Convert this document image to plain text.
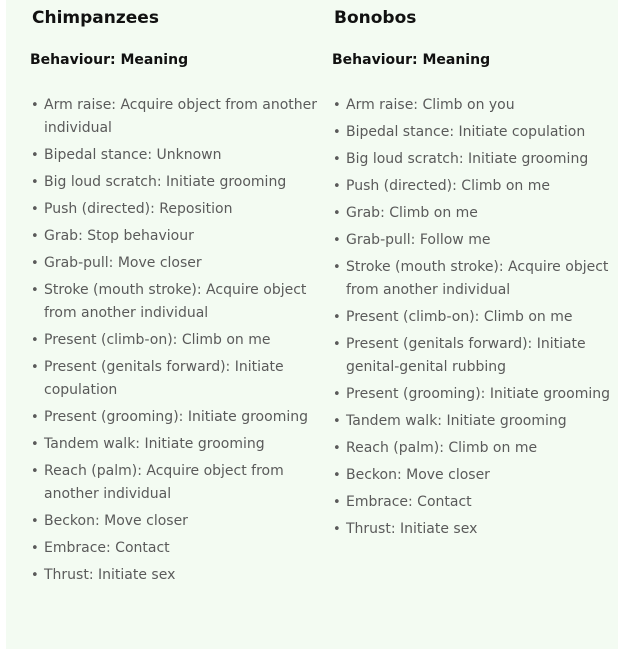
Chimpanzees
Behaviour: Meaning
• Arm raise: Acquire object from another individual
• Bipedal stance: Unknown
• Big loud scratch: Initiate grooming
• Push (directed): Reposition
• Grab: Stop behaviour
• Grab-pull: Move closer
• Stroke (mouth stroke): Acquire object from another individual
• Present (climb-on): Climb on me
• Present (genitals forward): Initiate copulation
• Present (grooming): Initiate grooming
• Tandem walk: Initiate grooming
• Reach (palm): Acquire object from another individual
• Beckon: Move closer
• Embrace: Contact
• Thrust: Initiate sex
Bonobos
Behaviour: Meaning
• Arm raise: Climb on you
• Bipedal stance: Initiate copulation
• Big loud scratch: Initiate grooming
• Push (directed): Climb on me
• Grab: Climb on me
• Grab-pull: Follow me
• Stroke (mouth stroke): Acquire object from another individual
• Present (climb-on): Climb on me
• Present (genitals forward): Initiate genital-genital rubbing
• Present (grooming): Initiate grooming
• Tandem walk: Initiate grooming
• Reach (palm): Climb on me
• Beckon: Move closer
• Embrace: Contact
• Thrust: Initiate sex
